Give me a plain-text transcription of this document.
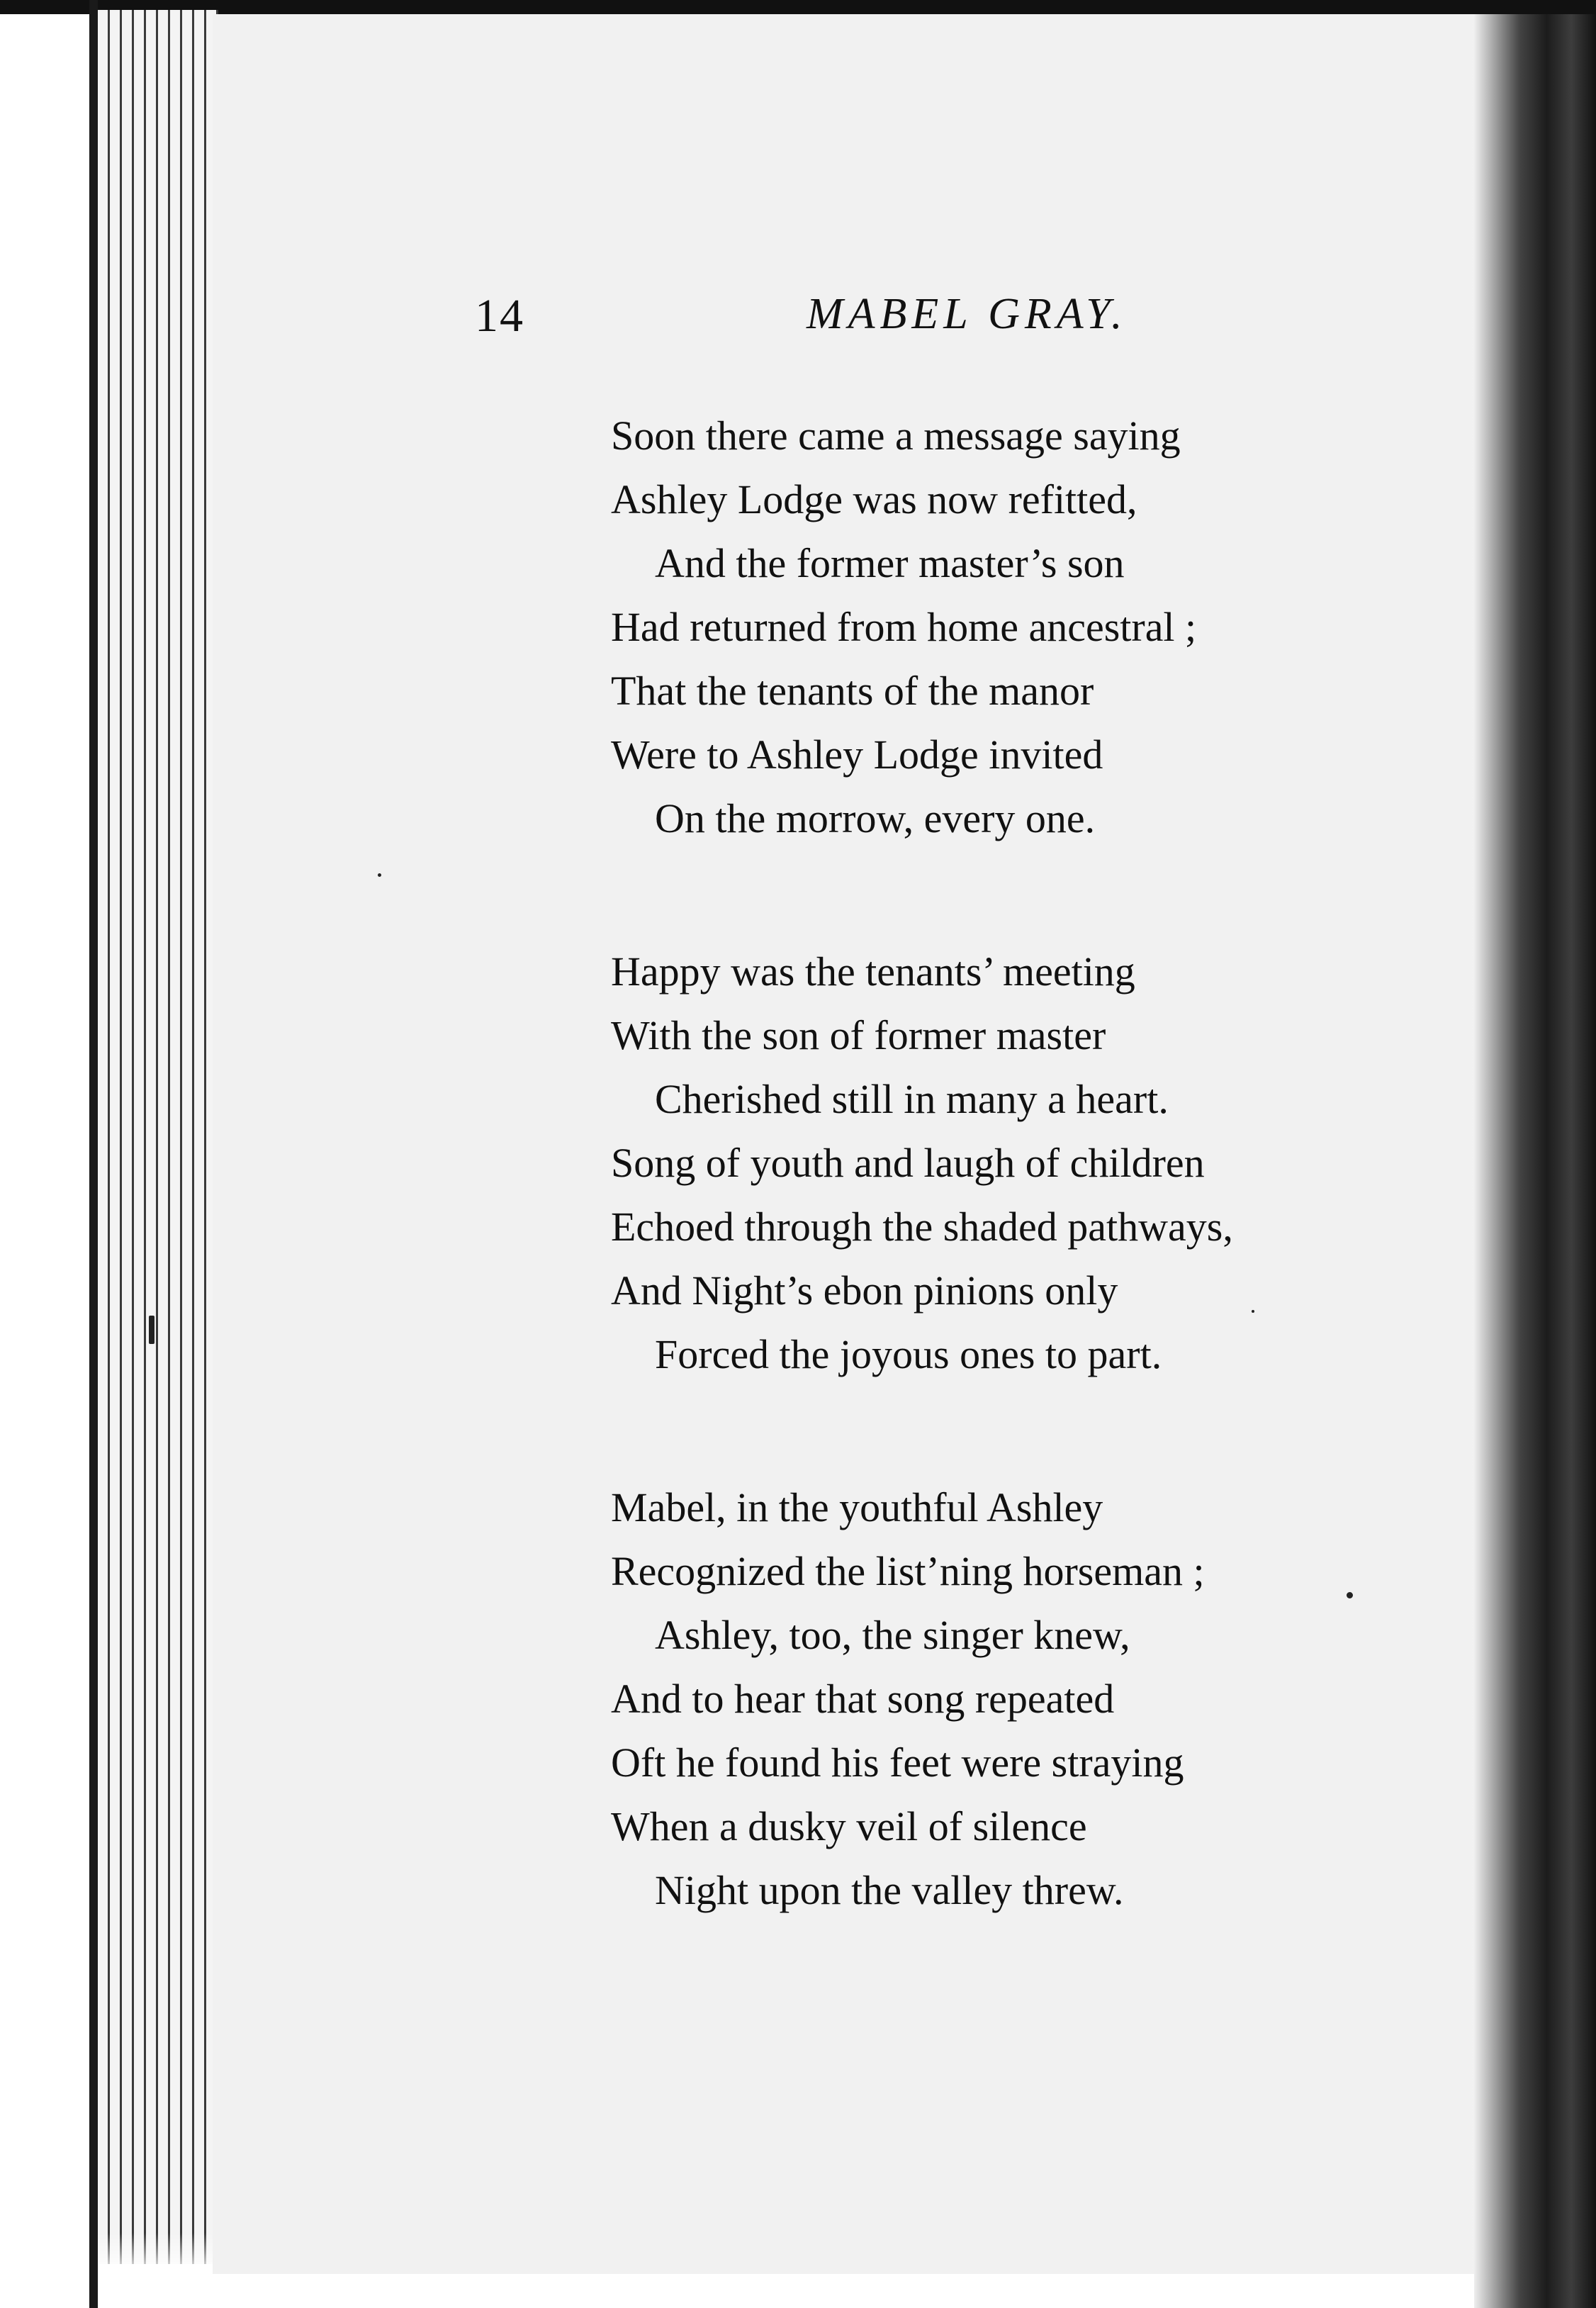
14	MABEL GRAY.
Soon there came a message saying
Ashley Lodge was now refitted,
And the former master’s son
Had returned from home ancestral ;
That the tenants of the manor
Were to Ashley Lodge invited
On the morrow, every one.
Happy was the tenants’ meeting
With the son of former master
Cherished still in many a heart.
Song of youth and laugh of children
Echoed through the shaded pathways,
And Night’s ebon pinions only
Forced the joyous ones to part.
Mabel, in the youthful Ashley
Recognized the list’ning horseman ;
Ashley, too, the singer knew,
And to hear that song repeated
Oft he found his feet were straying
When a dusky veil of silence
Night upon the valley threw.
